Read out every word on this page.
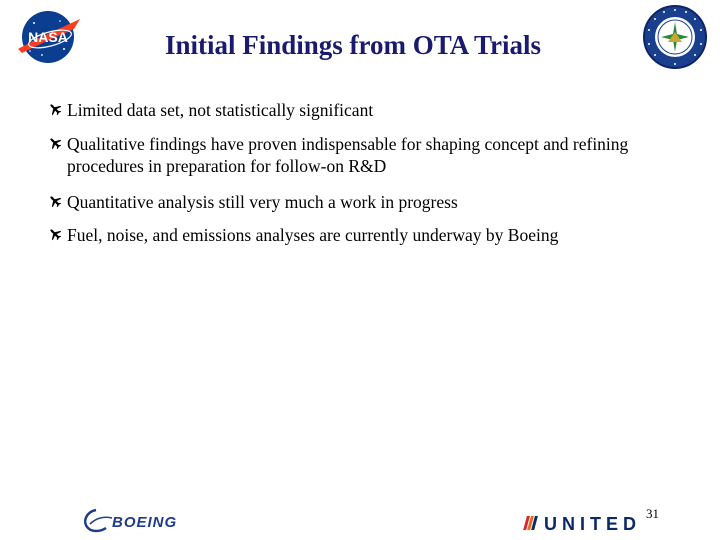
NASA	Initial Findings from OTA Trials
Limited data set, not statistically significant
Qualitative findings have proven indispensable for shaping concept and refining procedures in preparation for follow-on R&D
Quantitative analysis still very much a work in progress
Fuel, noise, and emissions analyses are currently underway by Boeing
BOEING	UNITED
31
